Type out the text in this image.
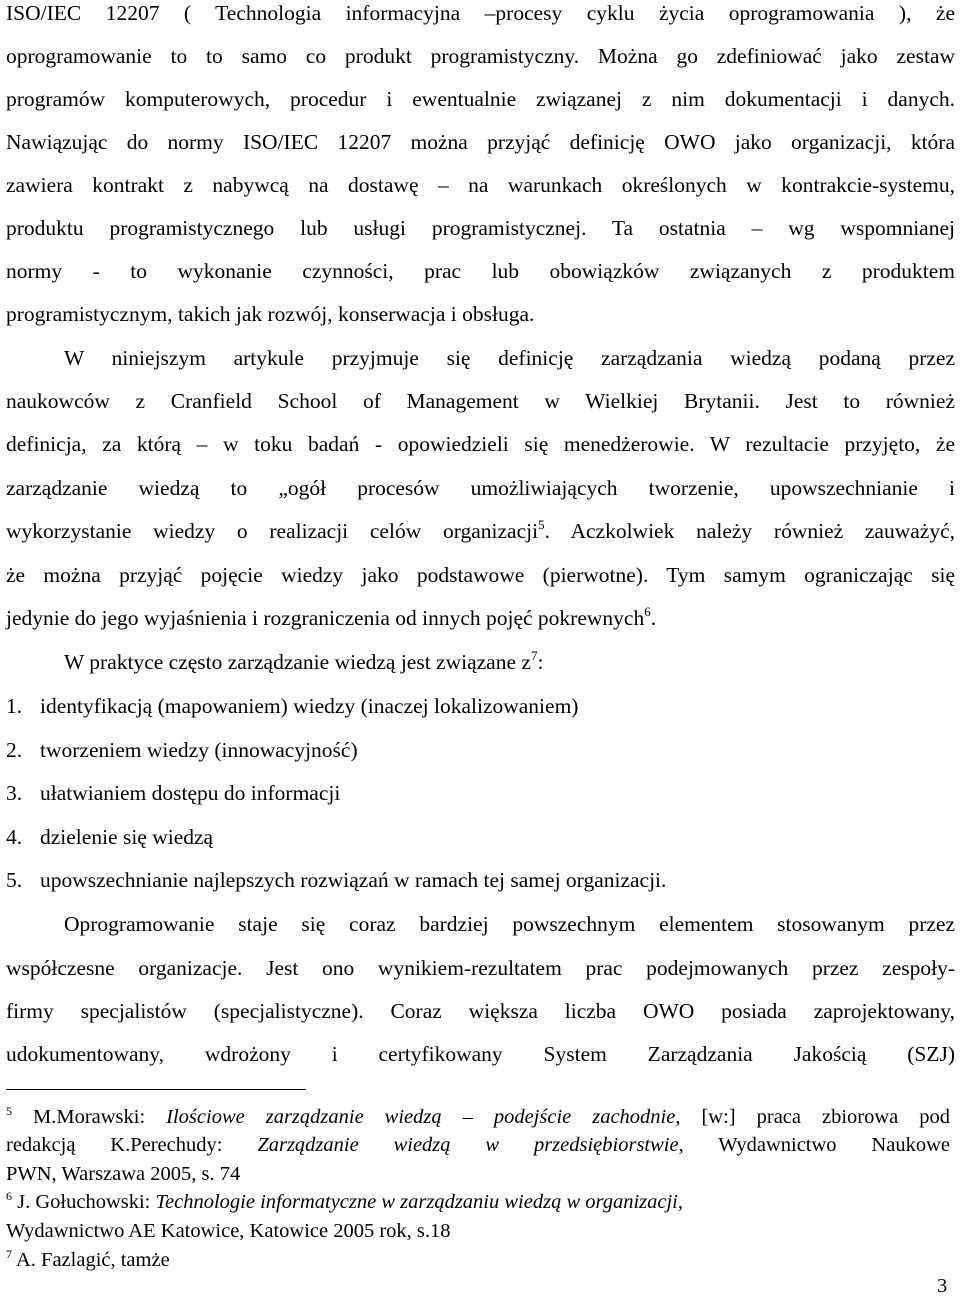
ISO/IEC 12207 ( Technologia informacyjna –procesy cyklu życia oprogramowania ), że
oprogramowanie to to samo co produkt programistyczny. Można go zdefiniować jako zestaw
programów komputerowych, procedur i ewentualnie związanej z nim dokumentacji i danych.
Nawiązując do normy ISO/IEC 12207 można przyjąć definicję OWO jako organizacji, która
zawiera kontrakt z nabywcą na dostawę – na warunkach określonych w kontrakcie-systemu,
produktu programistycznego lub usługi programistycznej. Ta ostatnia – wg wspomnianej
normy - to wykonanie czynności, prac lub obowiązków związanych z produktem
programistycznym, takich jak rozwój, konserwacja i obsługa.
W niniejszym artykule przyjmuje się definicję zarządzania wiedzą podaną przez
naukowców z Cranfield School of Management w Wielkiej Brytanii. Jest to również
definicja, za którą – w toku badań - opowiedzieli się menedżerowie. W rezultacie przyjęto, że
zarządzanie wiedzą to „ogół procesów umożliwiających tworzenie, upowszechnianie i
wykorzystanie wiedzy o realizacji celów organizacji$^5$. Aczkolwiek należy również zauważyć,
że można przyjąć pojęcie wiedzy jako podstawowe (pierwotne). Tym samym ograniczając się
jedynie do jego wyjaśnienia i rozgraniczenia od innych pojęć pokrewnych$^6$.
W praktyce często zarządzanie wiedzą jest związane $z^7$:
1. identyfikacją (mapowaniem) wiedzy (inaczej lokalizowaniem)
2. tworzeniem wiedzy (innowacyjność)
3. ułatwianiem dostępu do informacji
4. dzielenie się wiedzą
5. upowszechnianie najlepszych rozwiązań w ramach tej samej organizacji.
Oprogramowanie staje się coraz bardziej powszechnym elementem stosowanym przez
współczesne organizacje. Jest ono wynikiem-rezultatem prac podejmowanych przez zespoły-
firmy specjalistów (specjalistyczne). Coraz większa liczba OWO posiada zaprojektowany,
udokumentowany, wdrożony i certyfikowany System Zarządzania Jakością (SZJ)
$^5$ M.Morawski: Ilościowe zarządzanie wiedzą – podejście zachodnie, [w:] praca zbiorowa pod
redakcją K.Perechudy: Zarządzanie wiedzą w przedsiębiorstwie, Wydawnictwo Naukowe
PWN, Warszawa 2005, s. 74
$^6$ J. Gołuchowski: Technologie informatyczne w zarządzaniu wiedzą w organizacji,
Wydawnictwo AE Katowice, Katowice 2005 rok, s.18
$^7$ A. Fazlagić, tamże
3
